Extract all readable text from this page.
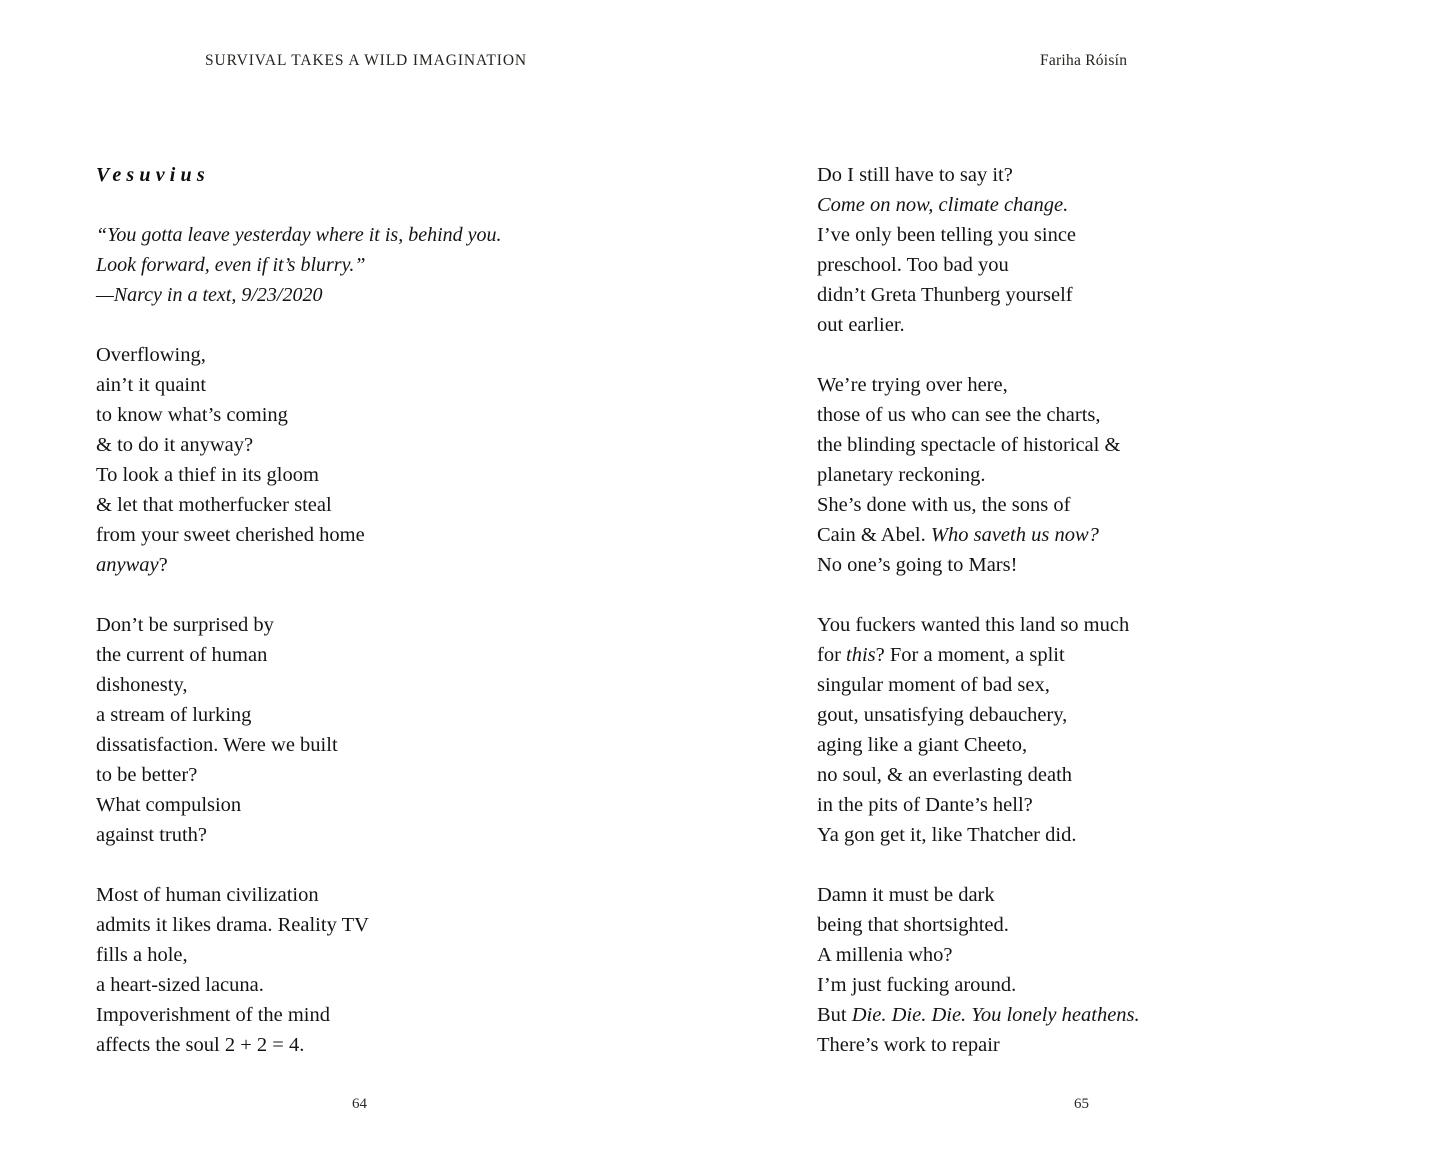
SURVIVAL TAKES A WILD IMAGINATION	Fariha Róisín
Vesuvius
“You gotta leave yesterday where it is, behind you.
Look forward, even if it’s blurry.”
—Narcy in a text, 9/23/2020
Overflowing,
ain’t it quaint
to know what’s coming
& to do it anyway?
To look a thief in its gloom
& let that motherfucker steal
from your sweet cherished home
anyway?
Don’t be surprised by
the current of human
dishonesty,
a stream of lurking
dissatisfaction. Were we built
to be better?
What compulsion
against truth?
Most of human civilization
admits it likes drama. Reality TV
fills a hole,
a heart-sized lacuna.
Impoverishment of the mind
affects the soul 2 + 2 = 4.
Do I still have to say it?
Come on now, climate change.
I’ve only been telling you since
preschool. Too bad you
didn’t Greta Thunberg yourself
out earlier.
We’re trying over here,
those of us who can see the charts,
the blinding spectacle of historical &
planetary reckoning.
She’s done with us, the sons of
Cain & Abel. Who saveth us now?
No one’s going to Mars!
You fuckers wanted this land so much
for this? For a moment, a split
singular moment of bad sex,
gout, unsatisfying debauchery,
aging like a giant Cheeto,
no soul, & an everlasting death
in the pits of Dante’s hell?
Ya gon get it, like Thatcher did.
Damn it must be dark
being that shortsighted.
A millenia who?
I’m just fucking around.
But Die. Die. Die. You lonely heathens.
There’s work to repair
64	65
